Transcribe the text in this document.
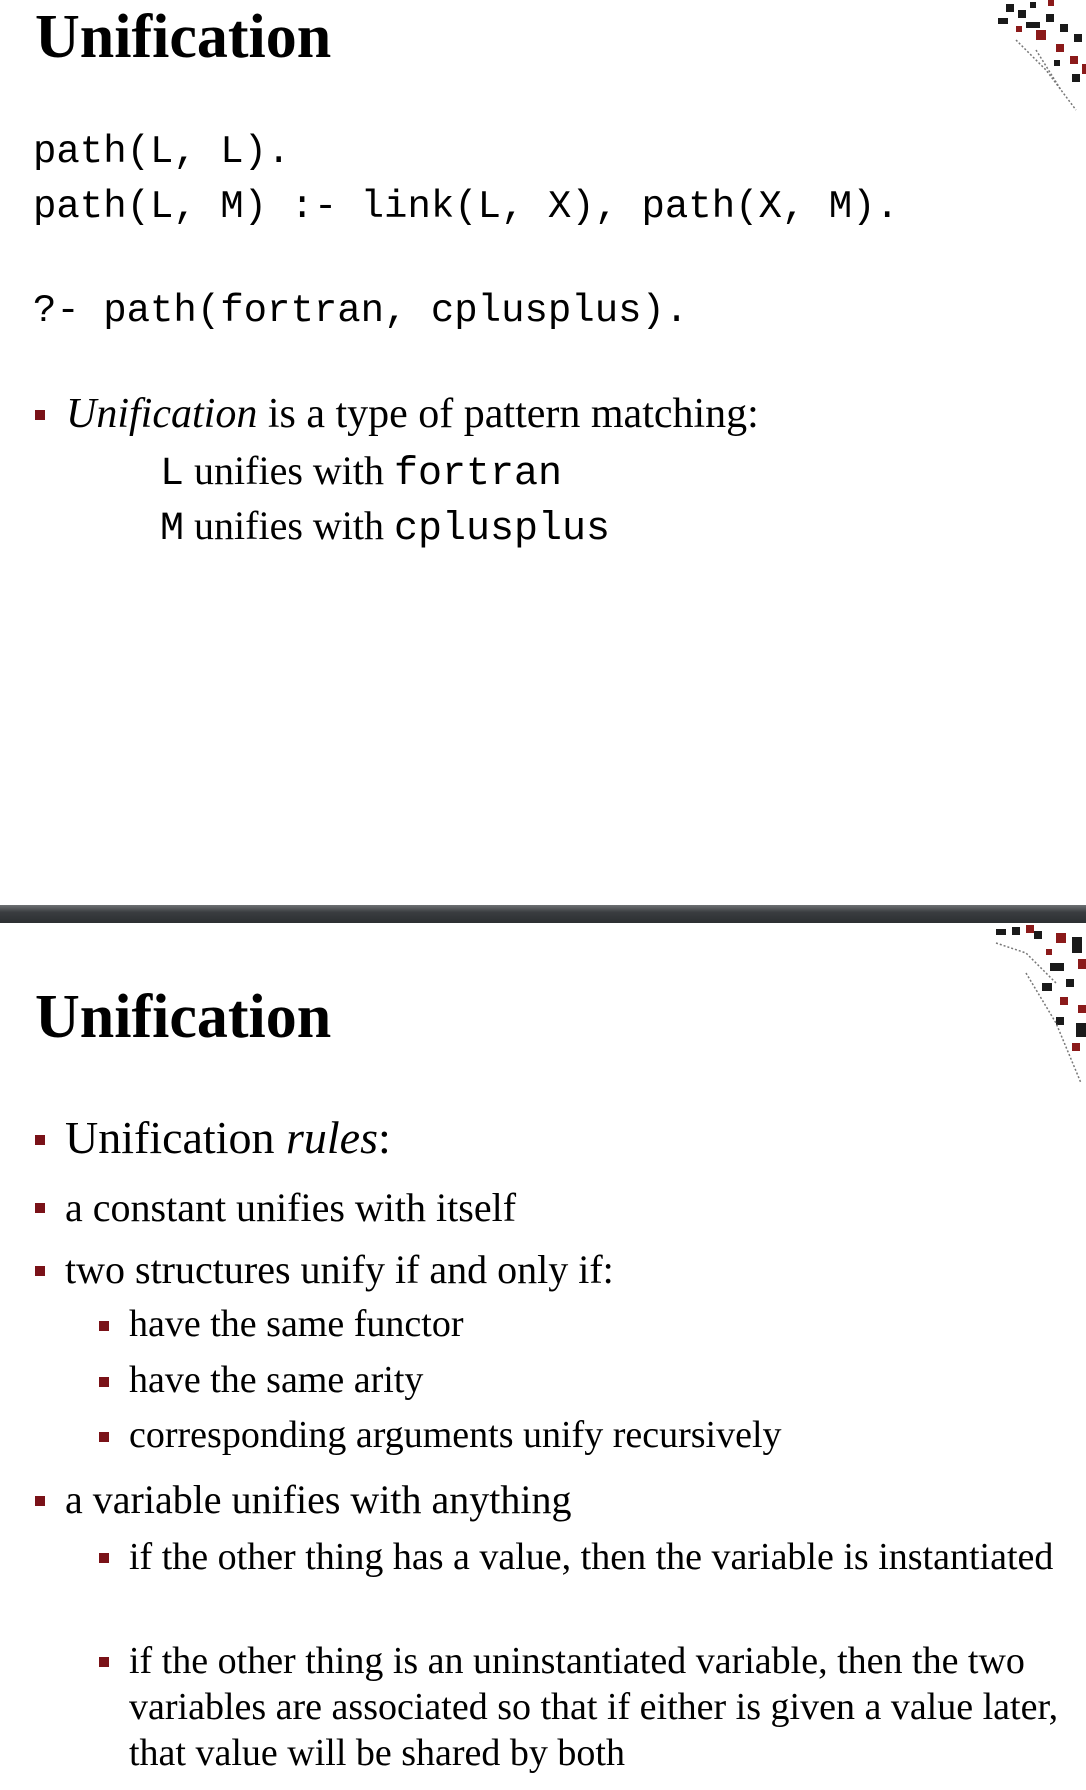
Unification
path(L, L).
path(L, M) :- link(L, X), path(X, M).
?- path(fortran, cplusplus).

Unification is a type of pattern matching:

L unifies with fortran

M unifies with cplusplus

Unification

Unification rules:

a constant unifies with itself

two structures unify if and only if:

have the same functor

have the same arity

corresponding arguments unify recursively

a variable unifies with anything

if the other thing has a value, then the variable is instantiated

if the other thing is an uninstantiated variable, then the two variables are associated so that if either is given a value later, that value will be shared by both
